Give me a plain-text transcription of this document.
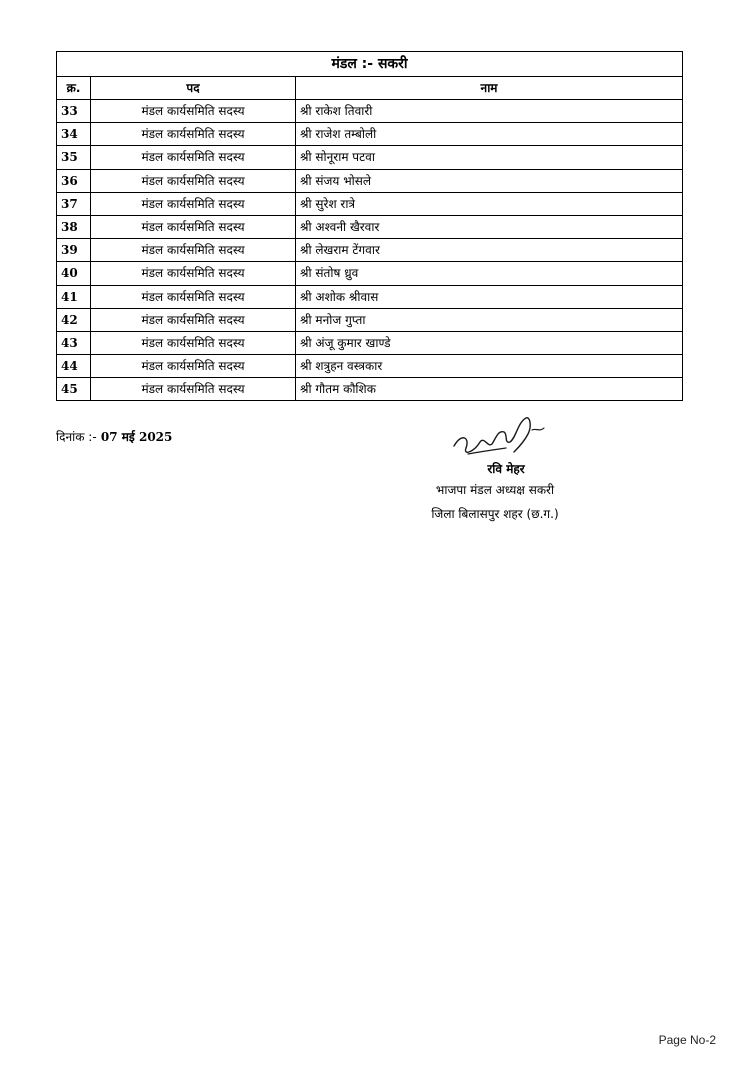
मंडल :- सकरी		
क्र.	पद	नाम
33	मंडल कार्यसमिति सदस्य	श्री राकेश तिवारी
34	मंडल कार्यसमिति सदस्य	श्री राजेश तम्बोली
35	मंडल कार्यसमिति सदस्य	श्री सोनूराम पटवा
36	मंडल कार्यसमिति सदस्य	श्री संजय भोसले
37	मंडल कार्यसमिति सदस्य	श्री सुरेश रात्रे
38	मंडल कार्यसमिति सदस्य	श्री अश्वनी खैरवार
39	मंडल कार्यसमिति सदस्य	श्री लेखराम टेंगवार
40	मंडल कार्यसमिति सदस्य	श्री संतोष ध्रुव
41	मंडल कार्यसमिति सदस्य	श्री अशोक श्रीवास
42	मंडल कार्यसमिति सदस्य	श्री मनोज गुप्ता
43	मंडल कार्यसमिति सदस्य	श्री अंजू कुमार खाण्डे
44	मंडल कार्यसमिति सदस्य	श्री शत्रुहन वस्त्रकार
45	मंडल कार्यसमिति सदस्य	श्री गौतम कौशिक
दिनांक :- 07 मई 2025
रवि मेहर
भाजपा मंडल अध्यक्ष सकरी
जिला बिलासपुर शहर (छ.ग.)
Page No-2
